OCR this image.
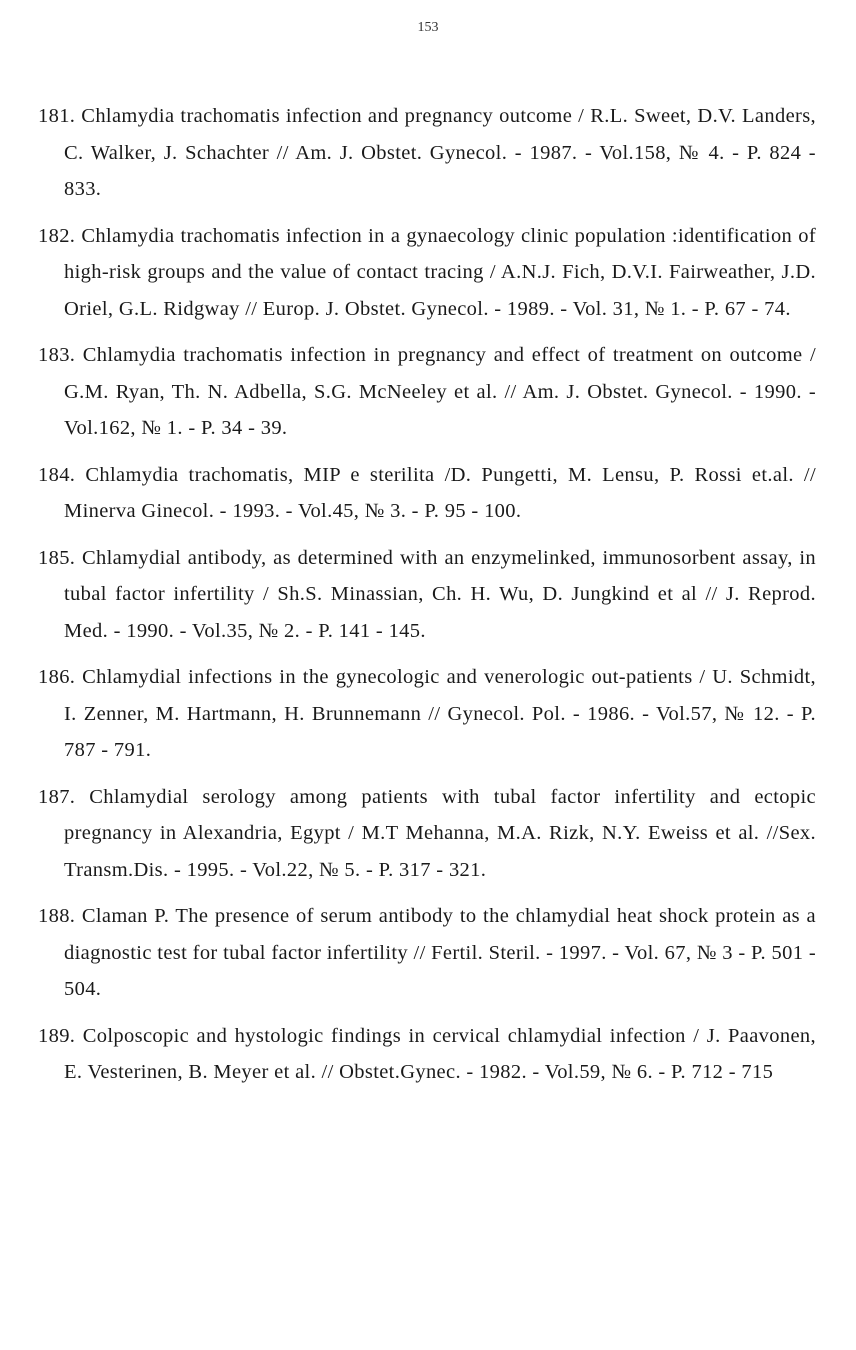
153
181. Chlamydia trachomatis infection and pregnancy outcome / R.L. Sweet, D.V. Landers, C. Walker, J. Schachter // Am. J. Obstet. Gynecol. - 1987. - Vol.158, № 4. - P. 824 - 833.
182. Chlamydia trachomatis infection in a gynaecology clinic population :identification of high-risk groups and the value of contact tracing / A.N.J. Fich, D.V.I. Fairweather, J.D. Oriel, G.L. Ridgway // Europ. J. Obstet. Gynecol. - 1989. - Vol. 31, № 1. - P. 67 - 74.
183. Chlamydia trachomatis infection in pregnancy and effect of treatment on outcome / G.M. Ryan, Th. N. Adbella, S.G. McNeeley et al. // Am. J. Obstet. Gynecol. - 1990. - Vol.162, № 1. - P. 34 - 39.
184. Chlamydia trachomatis, MIP e sterilita /D. Pungetti, M. Lensu, P. Rossi et.al. // Minerva Ginecol. - 1993. - Vol.45, № 3. - P. 95 - 100.
185. Chlamydial antibody, as determined with an enzymelinked, immunosorbent assay, in tubal factor infertility / Sh.S. Minassian, Ch. H. Wu, D. Jungkind et al // J. Reprod. Med. - 1990. - Vol.35, № 2. - P. 141 - 145.
186. Chlamydial infections in the gynecologic and venerologic out-patients / U. Schmidt, I. Zenner, M. Hartmann, H. Brunnemann // Gynecol. Pol. - 1986. - Vol.57, № 12. - P. 787 - 791.
187. Chlamydial serology among patients with tubal factor infertility and ectopic pregnancy in Alexandria, Egypt / M.T Mehanna, M.A. Rizk, N.Y. Eweiss et al. //Sex. Transm.Dis. - 1995. - Vol.22, № 5. - P. 317 - 321.
188. Claman P. The presence of serum antibody to the chlamydial heat shock protein as a diagnostic test for tubal factor infertility // Fertil. Steril. - 1997. - Vol. 67, № 3 - P. 501 - 504.
189. Colposcopic and hystologic findings in cervical chlamydial infection / J. Paavonen, E. Vesterinen, B. Meyer et al. // Obstet.Gynec. - 1982. - Vol.59, № 6. - P. 712 - 715
